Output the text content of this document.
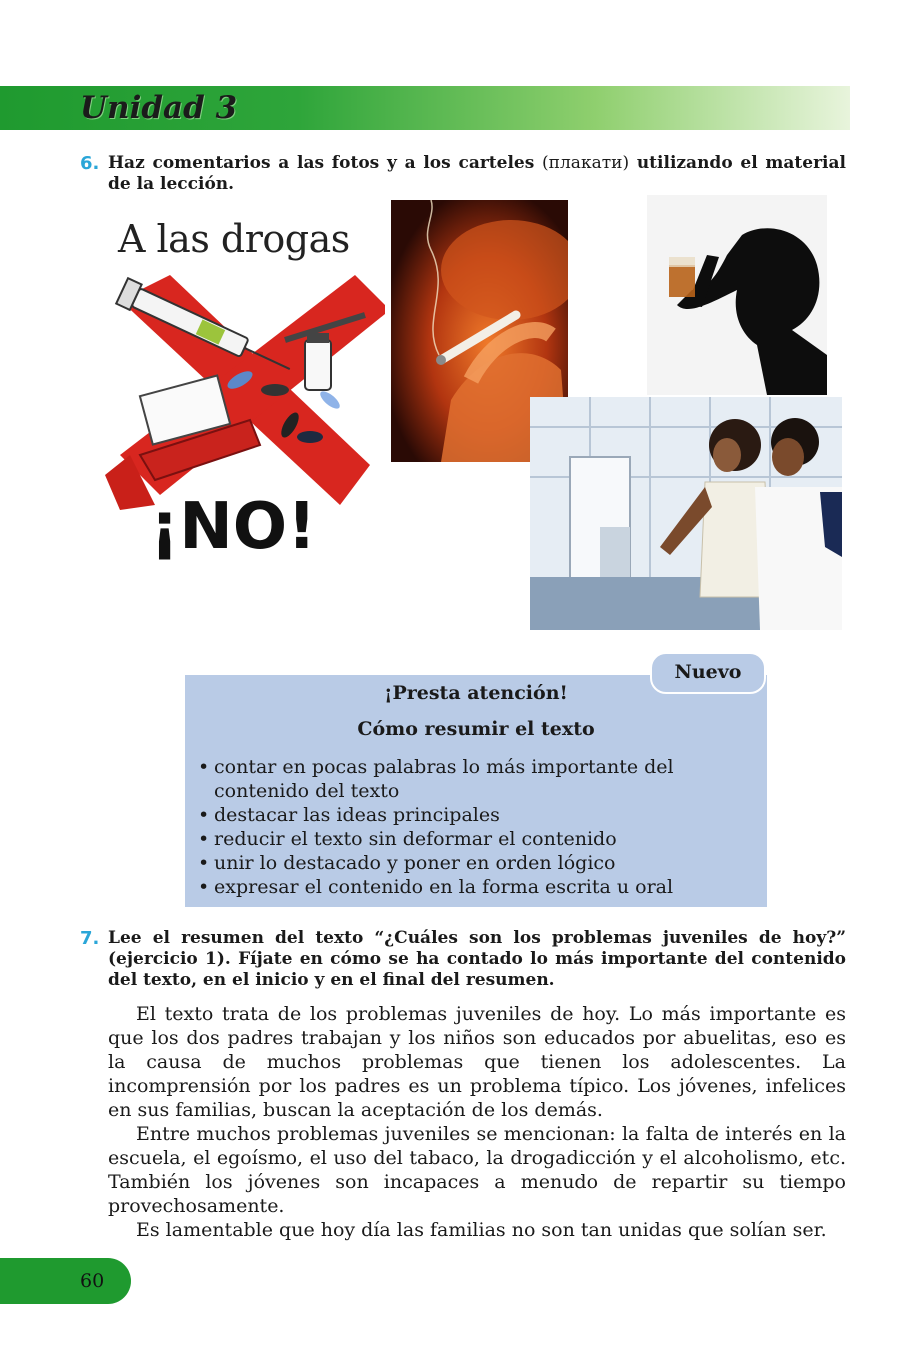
Unidad 3
6. Haz comentarios a las fotos y a los carteles (плакати) utilizando el material de la lección.
A las drogas
¡NO!
Nuevo
¡Presta atención!
Cómo resumir el texto
• contar en pocas palabras lo más importante del contenido del texto
• destacar las ideas principales
• reducir el texto sin deformar el contenido
• unir lo destacado y poner en orden lógico
• expresar el contenido en la forma escrita u oral
7. Lee el resumen del texto “¿Cuáles son los problemas juveniles de hoy?” (ejercicio 1). Fíjate en cómo se ha contado lo más importante del contenido del texto, en el inicio y en el final del resumen.

El texto trata de los problemas juveniles de hoy. Lo más importante es que los dos padres trabajan y los niños son educados por abuelitas, eso es la causa de muchos problemas que tienen los adolescentes. La incomprensión por los padres es un problema típico. Los jóvenes, infelices en sus familias, buscan la aceptación de los demás.

Entre muchos problemas juveniles se mencionan: la falta de interés en la escuela, el egoísmo, el uso del tabaco, la drogadicción y el alcoholismo, etc. También los jóvenes son incapaces a menudo de repartir su tiempo provechosamente.

Es lamentable que hoy día las familias no son tan unidas que solían ser.

60
